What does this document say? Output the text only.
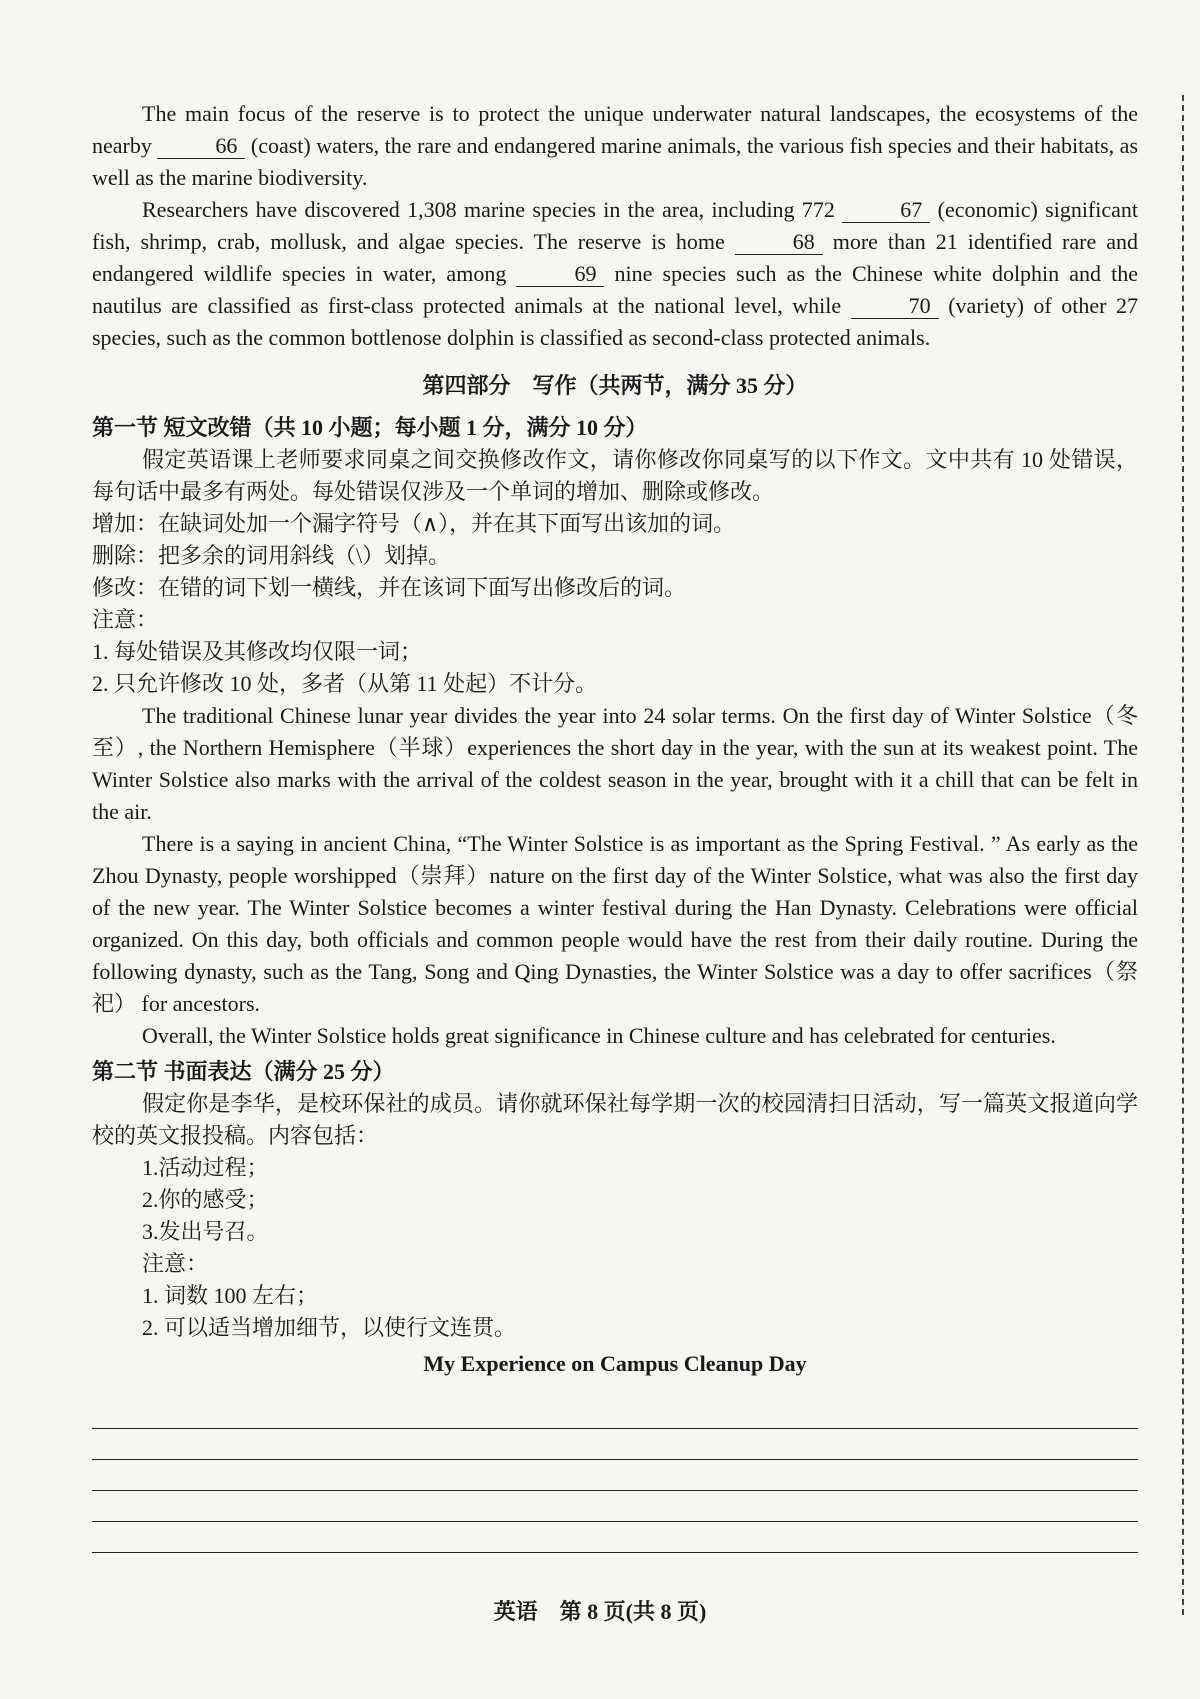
The main focus of the reserve is to protect the unique underwater natural landscapes, the ecosystems of the nearby	66 (coast) waters, the rare and endangered marine animals, the various fish species and their habitats, as well as the marine biodiversity.

Researchers have discovered 1,308 marine species in the area, including 772	67 (economic) significant fish, shrimp, crab, mollusk, and algae species. The reserve is home	68 more than 21 identified rare and endangered wildlife species in water, among	69 nine species such as the Chinese white dolphin and the nautilus are classified as first-class protected animals at the national level, while	70 (variety) of other 27 species, such as the common bottlenose dolphin is classified as second-class protected animals.

第四部分　写作（共两节，满分 35 分）
第一节 短文改错（共 10 小题；每小题 1 分，满分 10 分）

假定英语课上老师要求同桌之间交换修改作文，请你修改你同桌写的以下作文。文中共有 10 处错误，每句话中最多有两处。每处错误仅涉及一个单词的增加、删除或修改。

增加：在缺词处加一个漏字符号（∧），并在其下面写出该加的词。

删除：把多余的词用斜线（\）划掉。

修改：在错的词下划一横线，并在该词下面写出修改后的词。

注意：

1. 每处错误及其修改均仅限一词；

2. 只允许修改 10 处，多者（从第 11 处起）不计分。

The traditional Chinese lunar year divides the year into 24 solar terms. On the first day of Winter Solstice（冬至）, the Northern Hemisphere（半球）experiences the short day in the year, with the sun at its weakest point. The Winter Solstice also marks with the arrival of the coldest season in the year, brought with it a chill that can be felt in the air.

There is a saying in ancient China, “The Winter Solstice is as important as the Spring Festival. ” As early as the Zhou Dynasty, people worshipped（崇拜）nature on the first day of the Winter Solstice, what was also the first day of the new year. The Winter Solstice becomes a winter festival during the Han Dynasty. Celebrations were official organized. On this day, both officials and common people would have the rest from their daily routine. During the following dynasty, such as the Tang, Song and Qing Dynasties, the Winter Solstice was a day to offer sacrifices（祭祀） for ancestors.

Overall, the Winter Solstice holds great significance in Chinese culture and has celebrated for centuries.

第二节 书面表达（满分 25 分）

假定你是李华，是校环保社的成员。请你就环保社每学期一次的校园清扫日活动，写一篇英文报道向学校的英文报投稿。内容包括：

1.活动过程；

2.你的感受；

3.发出号召。

注意：

1. 词数 100 左右；

2. 可以适当增加细节，以使行文连贯。

My Experience on Campus Cleanup Day
英语　第 8 页(共 8 页)
